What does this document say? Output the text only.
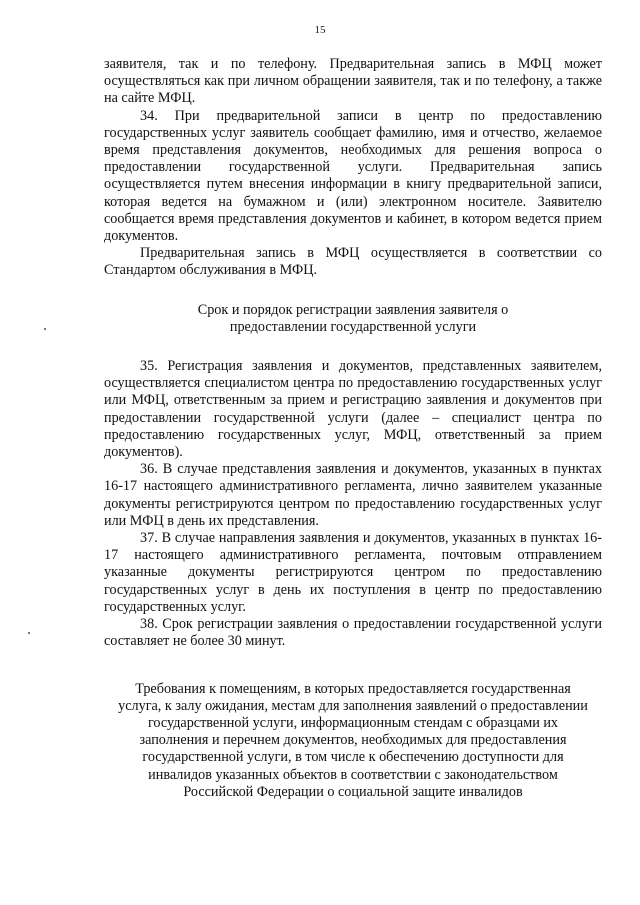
15

заявителя, так и по телефону. Предварительная запись в МФЦ может осуществляться как при личном обращении заявителя, так и по телефону, а также на сайте МФЦ.

34. При предварительной записи в центр по предоставлению государственных услуг заявитель сообщает фамилию, имя и отчество, желаемое время представления документов, необходимых для решения вопроса о предоставлении государственной услуги. Предварительная запись осуществляется путем внесения информации в книгу предварительной записи, которая ведется на бумажном и (или) электронном носителе. Заявителю сообщается время представления документов и кабинет, в котором ведется прием документов.

Предварительная запись в МФЦ осуществляется в соответствии со Стандартом обслуживания в МФЦ.

Срок и порядок регистрации заявления заявителя о предоставлении государственной услуги

35. Регистрация заявления и документов, представленных заявителем, осуществляется специалистом центра по предоставлению государственных услуг или МФЦ, ответственным за прием и регистрацию заявления и документов при предоставлении государственной услуги (далее – специалист центра по предоставлению государственных услуг, МФЦ, ответственный за прием документов).

36. В случае представления заявления и документов, указанных в пунктах 16-17 настоящего административного регламента, лично заявителем указанные документы регистрируются центром по предоставлению государственных услуг или МФЦ в день их представления.

37. В случае направления заявления и документов, указанных в пунктах 16-17 настоящего административного регламента, почтовым отправлением указанные документы регистрируются центром по предоставлению государственных услуг в день их поступления в центр по предоставлению государственных услуг.

38. Срок регистрации заявления о предоставлении государственной услуги составляет не более 30 минут.

Требования к помещениям, в которых предоставляется государственная услуга, к залу ожидания, местам для заполнения заявлений о предоставлении государственной услуги, информационным стендам с образцами их заполнения и перечнем документов, необходимых для предоставления государственной услуги, в том числе к обеспечению доступности для инвалидов указанных объектов в соответствии с законодательством Российской Федерации о социальной защите инвалидов
